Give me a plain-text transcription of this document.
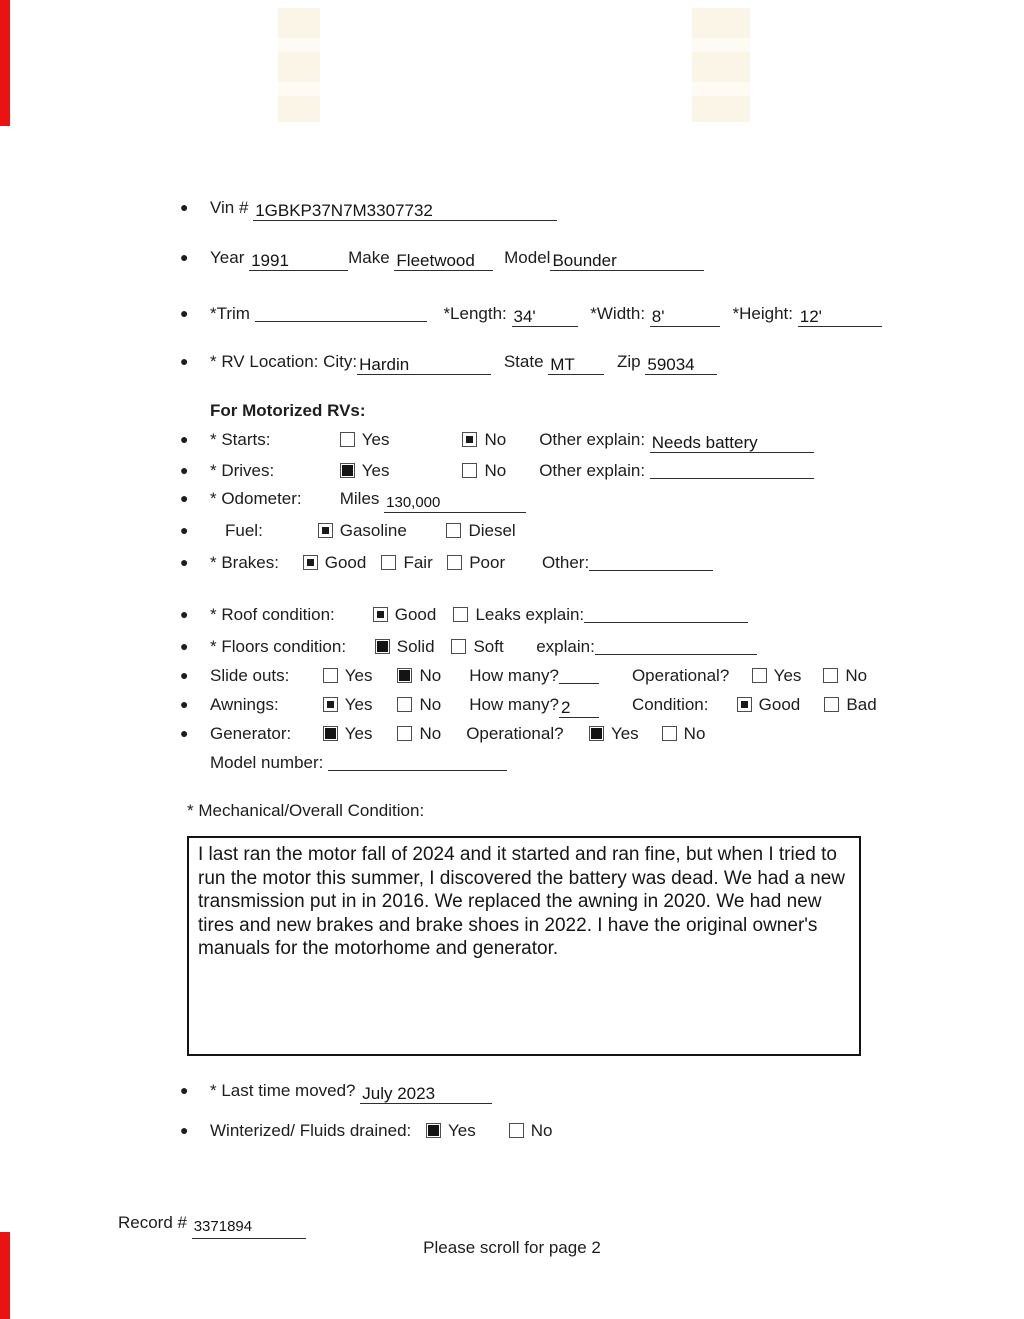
● Vin # 1GBKP37N7M3307732
● Year 1991	Make Fleetwood Model Bounder
● *Trim	*Length: 34'	*Width: 8'	*Height: 12'
● * RV Location: City: Hardin	State MT Zip 59034
For Motorized RVs:
● * Starts:	Yes	No Other explain: Needs battery
● * Drives:	Yes	No Other explain:
● * Odometer: Miles 130,000
● Fuel:	Gasoline	Diesel
● * Brakes:	Good Fair Poor Other:
● * Roof condition:	Good Leaks explain:
● * Floors condition:	Solid Soft explain:
● Slide outs:	Yes	No How many?	Operational?	Yes	No
● Awnings:	Yes	No How many? 2	Condition:	Good	Bad
● Generator:	Yes	No Operational?	Yes	No
Model number:
* Mechanical/Overall Condition:
I last ran the motor fall of 2024 and it started and ran fine, but when I tried to run the motor this summer, I discovered the battery was dead. We had a new transmission put in in 2016. We replaced the awning in 2020. We had new tires and new brakes and brake shoes in 2022. I have the original owner's manuals for the motorhome and generator.
● * Last time moved? July 2023
● Winterized/ Fluids drained: Yes	No
Record # 3371894
Please scroll for page 2
